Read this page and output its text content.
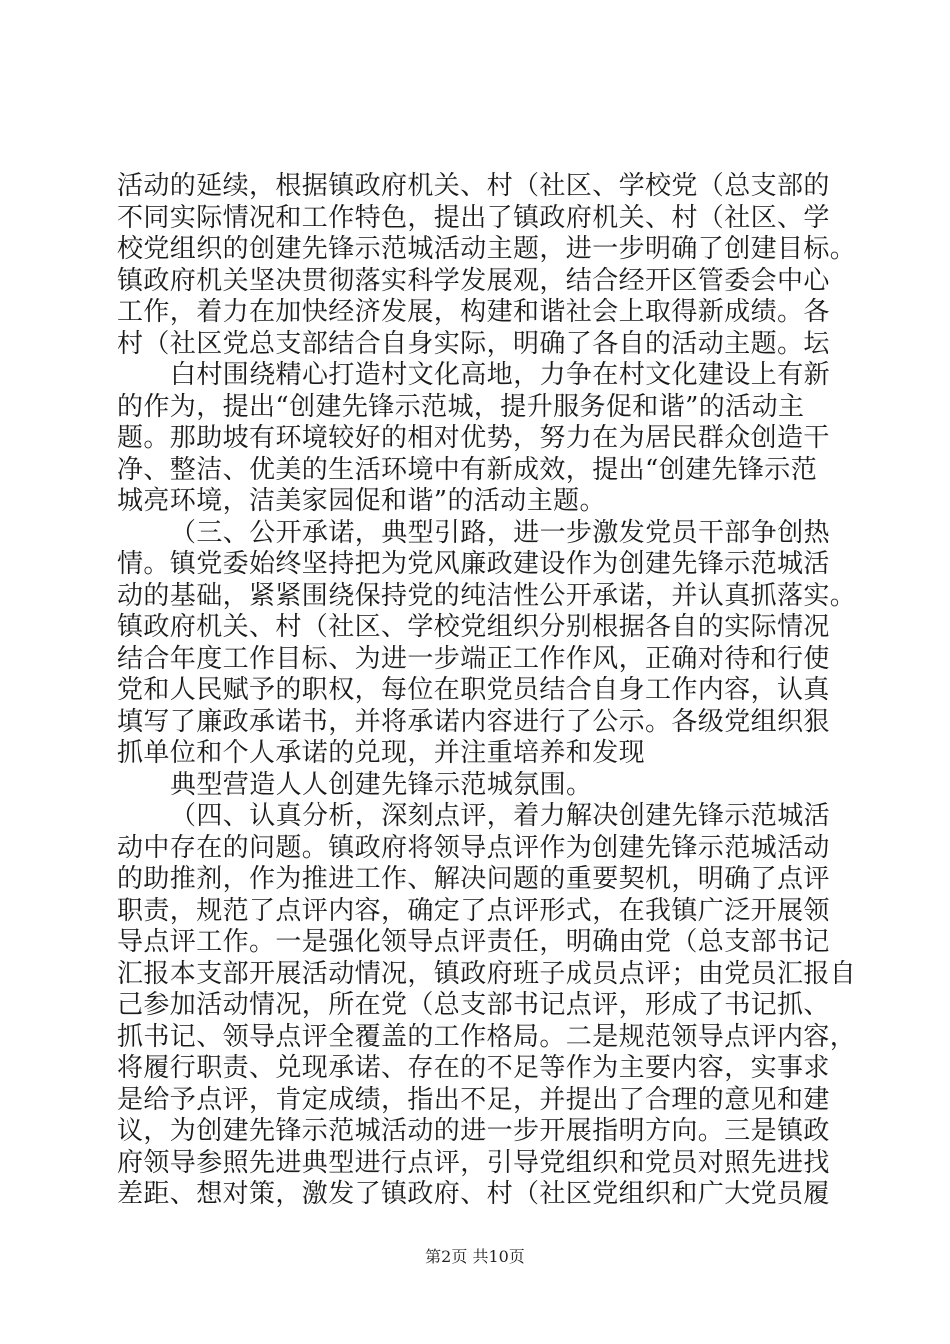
活动的延续，根据镇政府机关、村（社区、学校党（总支部的
不同实际情况和工作特色，提出了镇政府机关、村（社区、学
校党组织的创建先锋示范城活动主题，进一步明确了创建目标。
镇政府机关坚决贯彻落实科学发展观，结合经开区管委会中心
工作，着力在加快经济发展，构建和谐社会上取得新成绩。各
村（社区党总支部结合自身实际，明确了各自的活动主题。坛
白村围绕精心打造村文化高地，力争在村文化建设上有新
的作为，提出“创建先锋示范城，提升服务促和谐”的活动主
题。那助坡有环境较好的相对优势，努力在为居民群众创造干
净、整洁、优美的生活环境中有新成效，提出“创建先锋示范
城亮环境，洁美家园促和谐”的活动主题。
（三、公开承诺，典型引路，进一步激发党员干部争创热
情。镇党委始终坚持把为党风廉政建设作为创建先锋示范城活
动的基础，紧紧围绕保持党的纯洁性公开承诺，并认真抓落实。
镇政府机关、村（社区、学校党组织分别根据各自的实际情况
结合年度工作目标、为进一步端正工作作风，正确对待和行使
党和人民赋予的职权，每位在职党员结合自身工作内容，认真
填写了廉政承诺书，并将承诺内容进行了公示。各级党组织狠
抓单位和个人承诺的兑现，并注重培养和发现
典型营造人人创建先锋示范城氛围。
（四、认真分析，深刻点评，着力解决创建先锋示范城活
动中存在的问题。镇政府将领导点评作为创建先锋示范城活动
的助推剂，作为推进工作、解决问题的重要契机，明确了点评
职责，规范了点评内容，确定了点评形式，在我镇广泛开展领
导点评工作。一是强化领导点评责任，明确由党（总支部书记
汇报本支部开展活动情况，镇政府班子成员点评；由党员汇报自
己参加活动情况，所在党（总支部书记点评，形成了书记抓、
抓书记、领导点评全覆盖的工作格局。二是规范领导点评内容，
将履行职责、兑现承诺、存在的不足等作为主要内容，实事求
是给予点评，肯定成绩，指出不足，并提出了合理的意见和建
议，为创建先锋示范城活动的进一步开展指明方向。三是镇政
府领导参照先进典型进行点评，引导党组织和党员对照先进找
差距、想对策，激发了镇政府、村（社区党组织和广大党员履
第2页 共10页
